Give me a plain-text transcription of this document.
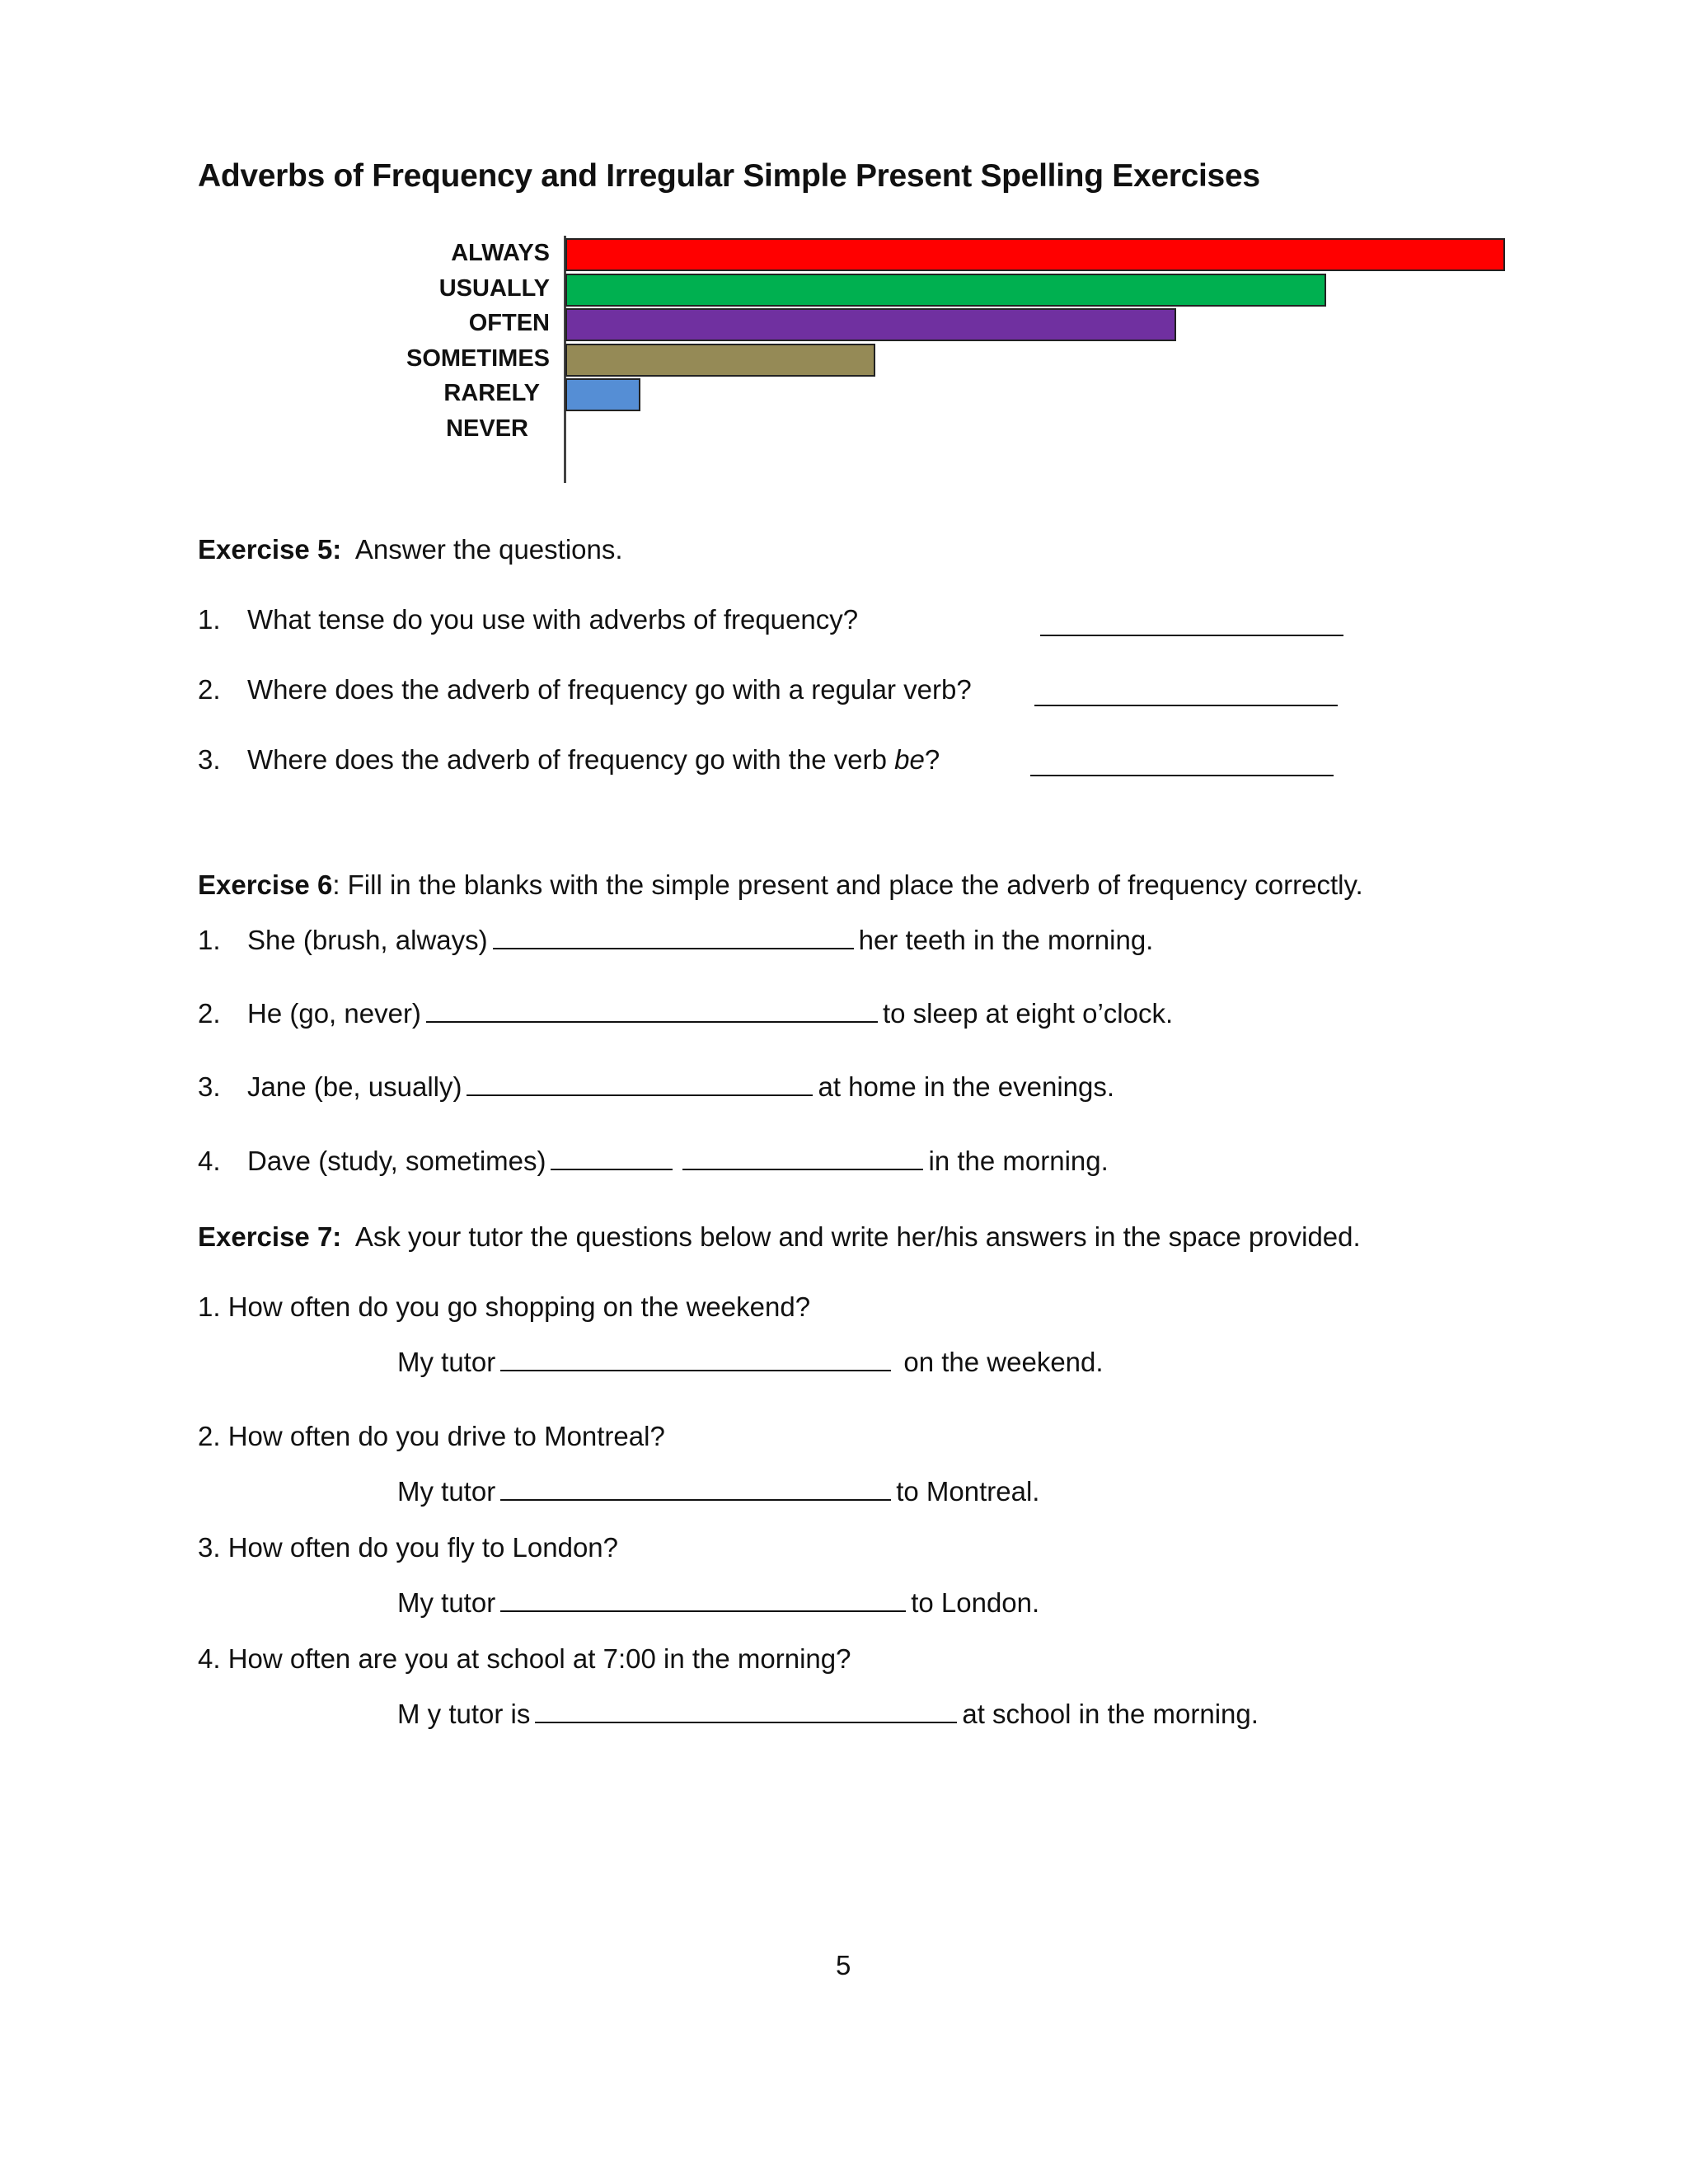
Adverbs of Frequency and Irregular Simple Present Spelling Exercises
ALWAYS
USUALLY
OFTEN
SOMETIMES
RARELY
NEVER
Exercise 5: Answer the questions.
1. What tense do you use with adverbs of frequency?
2. Where does the adverb of frequency go with a regular verb?
3. Where does the adverb of frequency go with the verb be?
Exercise 6: Fill in the blanks with the simple present and place the adverb of frequency correctly.
1. She (brush, always)	her teeth in the morning.
2. He (go, never)	to sleep at eight o’clock.
3. Jane (be, usually)	at home in the evenings.
4. Dave (study, sometimes)	in the morning.
Exercise 7: Ask your tutor the questions below and write her/his answers in the space provided.
1. How often do you go shopping on the weekend?
My tutor	on the weekend.
2. How often do you drive to Montreal?
My tutor	to Montreal.
3. How often do you fly to London?
My tutor	to London.
4. How often are you at school at 7:00 in the morning?
M y tutor is	at school in the morning.
5
